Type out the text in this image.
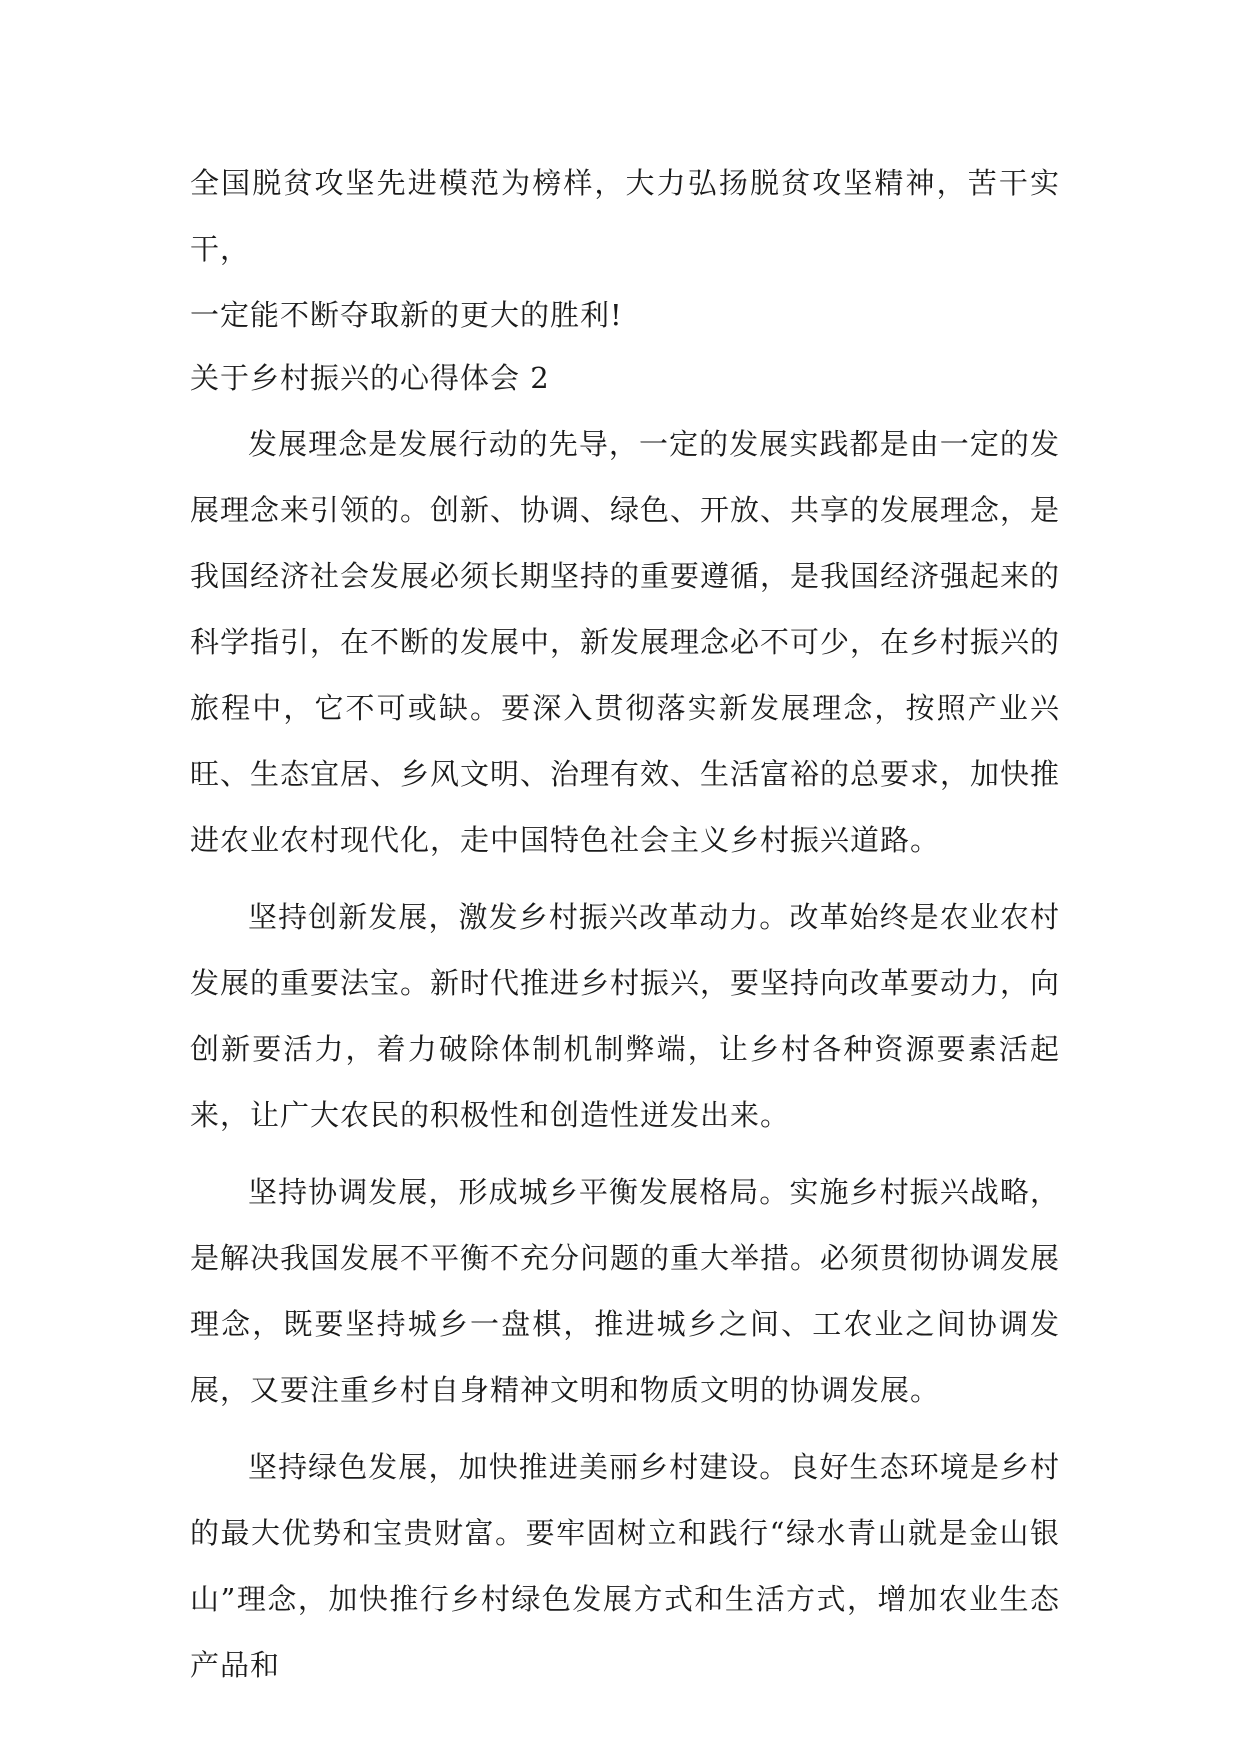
全国脱贫攻坚先进模范为榜样，大力弘扬脱贫攻坚精神，苦干实干，

一定能不断夺取新的更大的胜利!

关于乡村振兴的心得体会 2

发展理念是发展行动的先导，一定的发展实践都是由一定的发展理念来引领的。创新、协调、绿色、开放、共享的发展理念，是我国经济社会发展必须长期坚持的重要遵循，是我国经济强起来的科学指引，在不断的发展中，新发展理念必不可少，在乡村振兴的旅程中，它不可或缺。要深入贯彻落实新发展理念，按照产业兴旺、生态宜居、乡风文明、治理有效、生活富裕的总要求，加快推进农业农村现代化，走中国特色社会主义乡村振兴道路。

坚持创新发展，激发乡村振兴改革动力。改革始终是农业农村发展的重要法宝。新时代推进乡村振兴，要坚持向改革要动力，向创新要活力，着力破除体制机制弊端，让乡村各种资源要素活起来，让广大农民的积极性和创造性迸发出来。

坚持协调发展，形成城乡平衡发展格局。实施乡村振兴战略，是解决我国发展不平衡不充分问题的重大举措。必须贯彻协调发展理念，既要坚持城乡一盘棋，推进城乡之间、工农业之间协调发展，又要注重乡村自身精神文明和物质文明的协调发展。

坚持绿色发展，加快推进美丽乡村建设。良好生态环境是乡村的最大优势和宝贵财富。要牢固树立和践行“绿水青山就是金山银山”理念，加快推行乡村绿色发展方式和生活方式，增加农业生态产品和
